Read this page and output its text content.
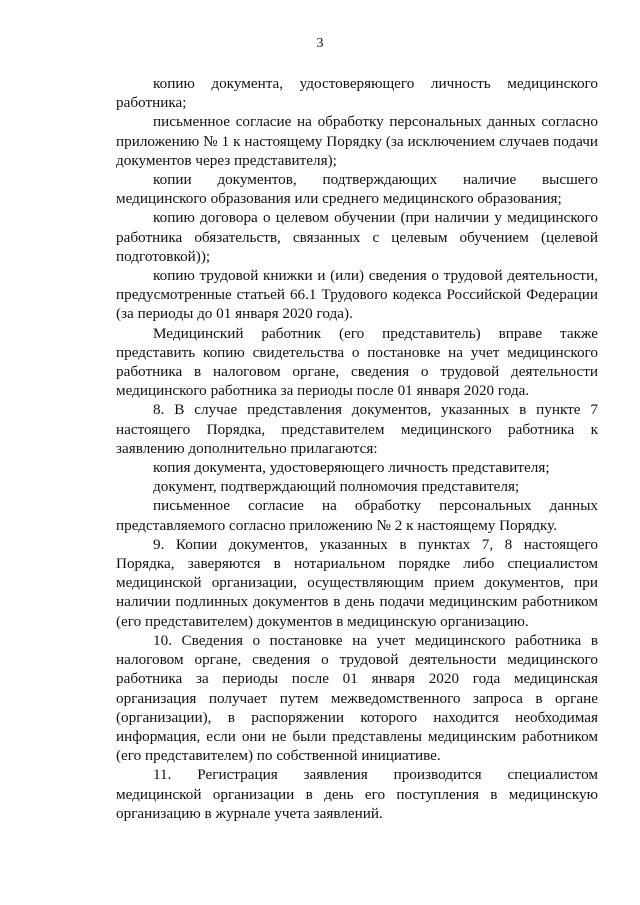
3

копию документа, удостоверяющего личность медицинского работника;

письменное согласие на обработку персональных данных согласно приложению № 1 к настоящему Порядку (за исключением случаев подачи документов через представителя);

копии документов, подтверждающих наличие высшего медицинского образования или среднего медицинского образования;

копию договора о целевом обучении (при наличии у медицинского работника обязательств, связанных с целевым обучением (целевой подготовкой));

копию трудовой книжки и (или) сведения о трудовой деятельности, предусмотренные статьей 66.1 Трудового кодекса Российской Федерации (за периоды до 01 января 2020 года).

Медицинский работник (его представитель) вправе также представить копию свидетельства о постановке на учет медицинского работника в налоговом органе, сведения о трудовой деятельности медицинского работника за периоды после 01 января 2020 года.

8. В случае представления документов, указанных в пункте 7 настоящего Порядка, представителем медицинского работника к заявлению дополнительно прилагаются:

копия документа, удостоверяющего личность представителя;

документ, подтверждающий полномочия представителя;

письменное согласие на обработку персональных данных представляемого согласно приложению № 2 к настоящему Порядку.

9. Копии документов, указанных в пунктах 7, 8 настоящего Порядка, заверяются в нотариальном порядке либо специалистом медицинской организации, осуществляющим прием документов, при наличии подлинных документов в день подачи медицинским работником (его представителем) документов в медицинскую организацию.

10. Сведения о постановке на учет медицинского работника в налоговом органе, сведения о трудовой деятельности медицинского работника за периоды после 01 января 2020 года медицинская организация получает путем межведомственного запроса в органе (организации), в распоряжении которого находится необходимая информация, если они не были представлены медицинским работником (его представителем) по собственной инициативе.

11. Регистрация заявления производится специалистом медицинской организации в день его поступления в медицинскую организацию в журнале учета заявлений.
